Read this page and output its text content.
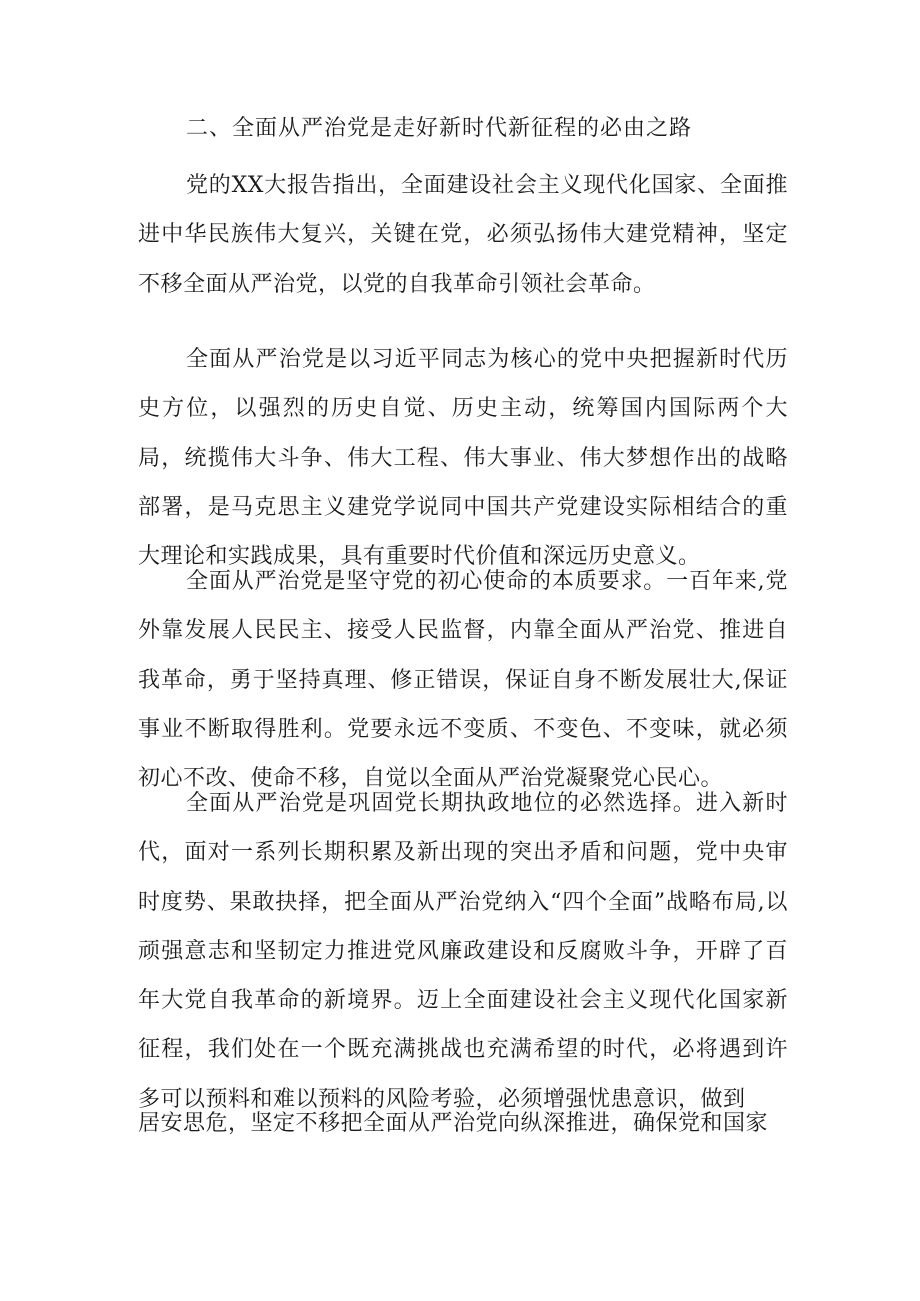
二、全面从严治党是走好新时代新征程的必由之路

党的XX大报告指出，全面建设社会主义现代化国家、全面推进中华民族伟大复兴，关键在党，必须弘扬伟大建党精神，坚定不移全面从严治党，以党的自我革命引领社会革命。

全面从严治党是以习近平同志为核心的党中央把握新时代历史方位，以强烈的历史自觉、历史主动，统筹国内国际两个大局，统揽伟大斗争、伟大工程、伟大事业、伟大梦想作出的战略部署，是马克思主义建党学说同中国共产党建设实际相结合的重大理论和实践成果，具有重要时代价值和深远历史意义。

全面从严治党是坚守党的初心使命的本质要求。一百年来,党外靠发展人民民主、接受人民监督，内靠全面从严治党、推进自我革命，勇于坚持真理、修正错误，保证自身不断发展壮大,保证事业不断取得胜利。党要永远不变质、不变色、不变味，就必须初心不改、使命不移，自觉以全面从严治党凝聚党心民心。

全面从严治党是巩固党长期执政地位的必然选择。进入新时代，面对一系列长期积累及新出现的突出矛盾和问题，党中央审时度势、果敢抉择，把全面从严治党纳入“四个全面”战略布局,以顽强意志和坚韧定力推进党风廉政建设和反腐败斗争，开辟了百年大党自我革命的新境界。迈上全面建设社会主义现代化国家新征程，我们处在一个既充满挑战也充满希望的时代，必将遇到许多可以预料和难以预料的风险考验，必须增强忧患意识，做到

居安思危，坚定不移把全面从严治党向纵深推进，确保党和国家
